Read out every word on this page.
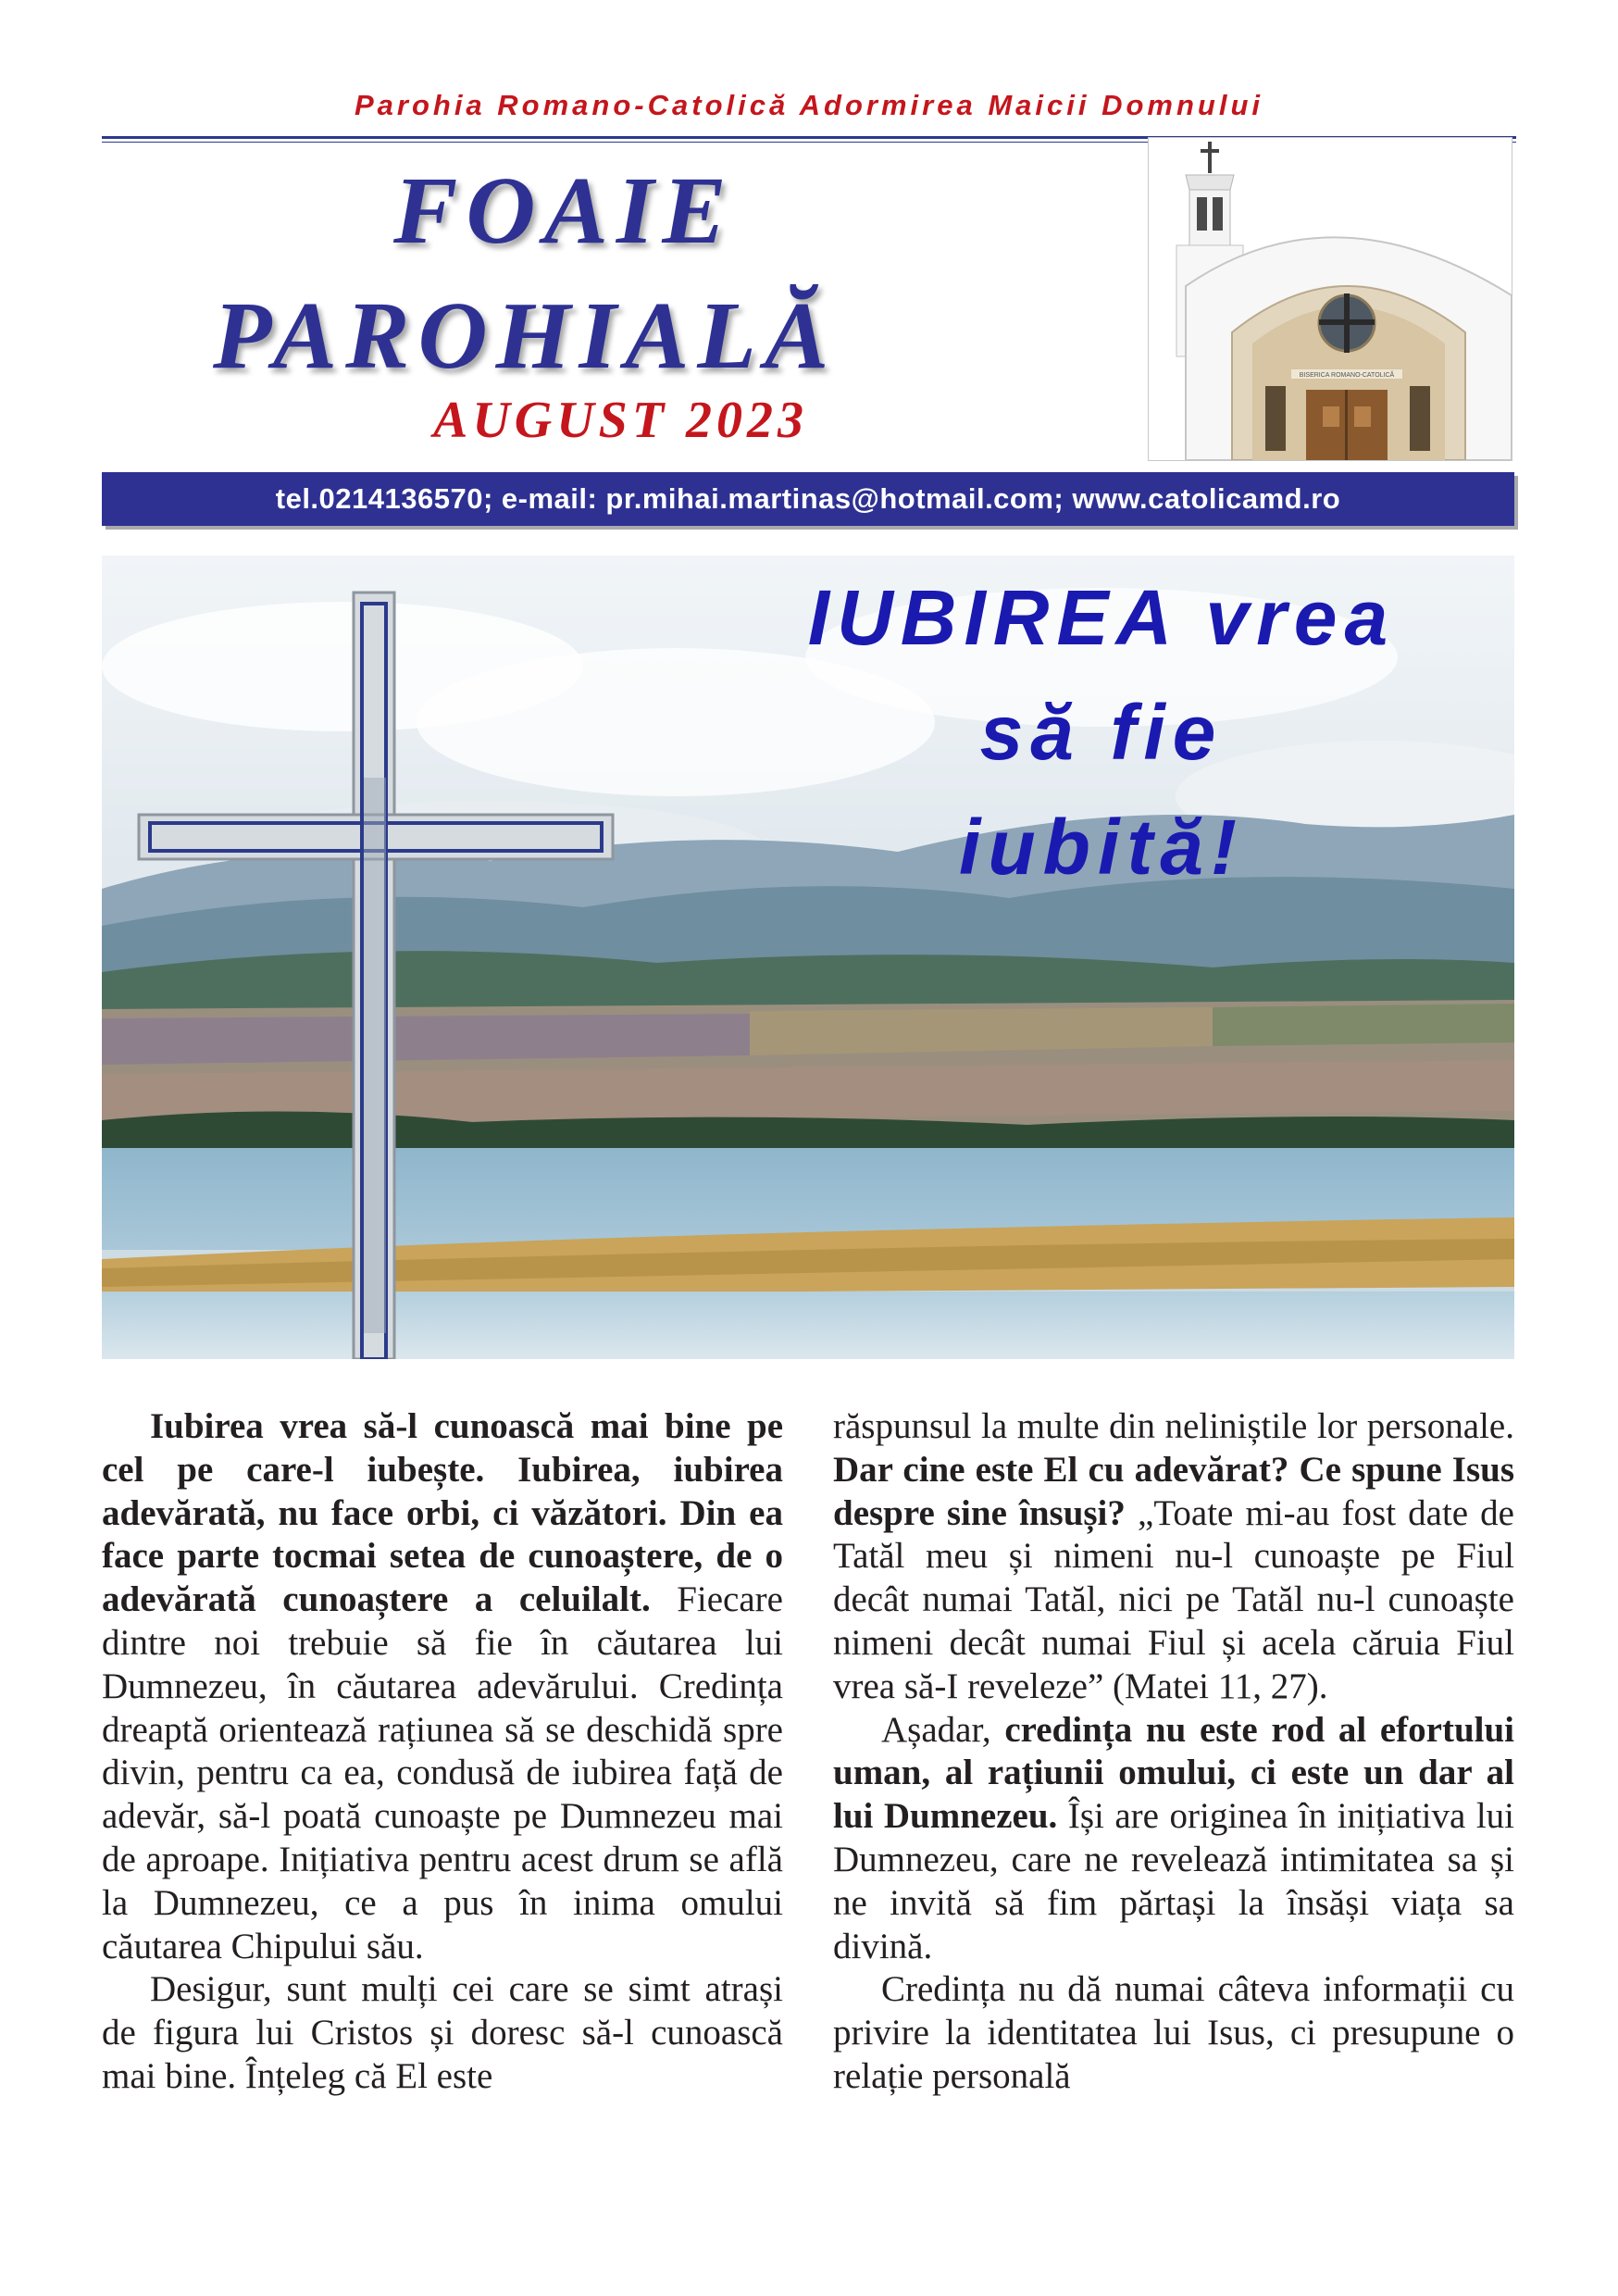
Parohia Romano-Catolică Adormirea Maicii Domnului
FOAIE
PAROHIALĂ
AUGUST 2023
BISERICA ROMANO-CATOLICĂ
tel.0214136570; e-mail: pr.mihai.martinas@hotmail.com; www.catolicamd.ro
IUBIREA vrea
să fie
iubită!

Iubirea vrea să-l cunoască mai bine pe cel pe care-l iubește. Iubirea, iubirea adevărată, nu face orbi, ci văzători. Din ea face parte tocmai setea de cunoaștere, de o adevărată cunoaștere a celuilalt. Fiecare dintre noi trebuie să fie în căutarea lui Dumnezeu, în căutarea adevărului. Credința dreaptă orientează rațiunea să se deschidă spre divin, pentru ca ea, condusă de iubirea față de adevăr, să-l poată cunoaște pe Dumnezeu mai de aproape. Inițiativa pentru acest drum se află la Dumnezeu, ce a pus în inima omului căutarea Chipului său.

Desigur, sunt mulți cei care se simt atrași de figura lui Cristos și doresc să-l cunoască mai bine. Înțeleg că El este

răspunsul la multe din neliniștile lor personale. Dar cine este El cu adevărat? Ce spune Isus despre sine însuși? „Toate mi-au fost date de Tatăl meu și nimeni nu-l cunoaște pe Fiul decât numai Tatăl, nici pe Tatăl nu-l cunoaște nimeni decât numai Fiul și acela căruia Fiul vrea să-I reveleze” (Matei 11, 27).

Așadar, credința nu este rod al efortului uman, al rațiunii omului, ci este un dar al lui Dumnezeu. Își are originea în inițiativa lui Dumnezeu, care ne revelează intimitatea sa și ne invită să fim părtași la însăși viața sa divină.

Credința nu dă numai câteva informații cu privire la identitatea lui Isus, ci presupune o relație personală
